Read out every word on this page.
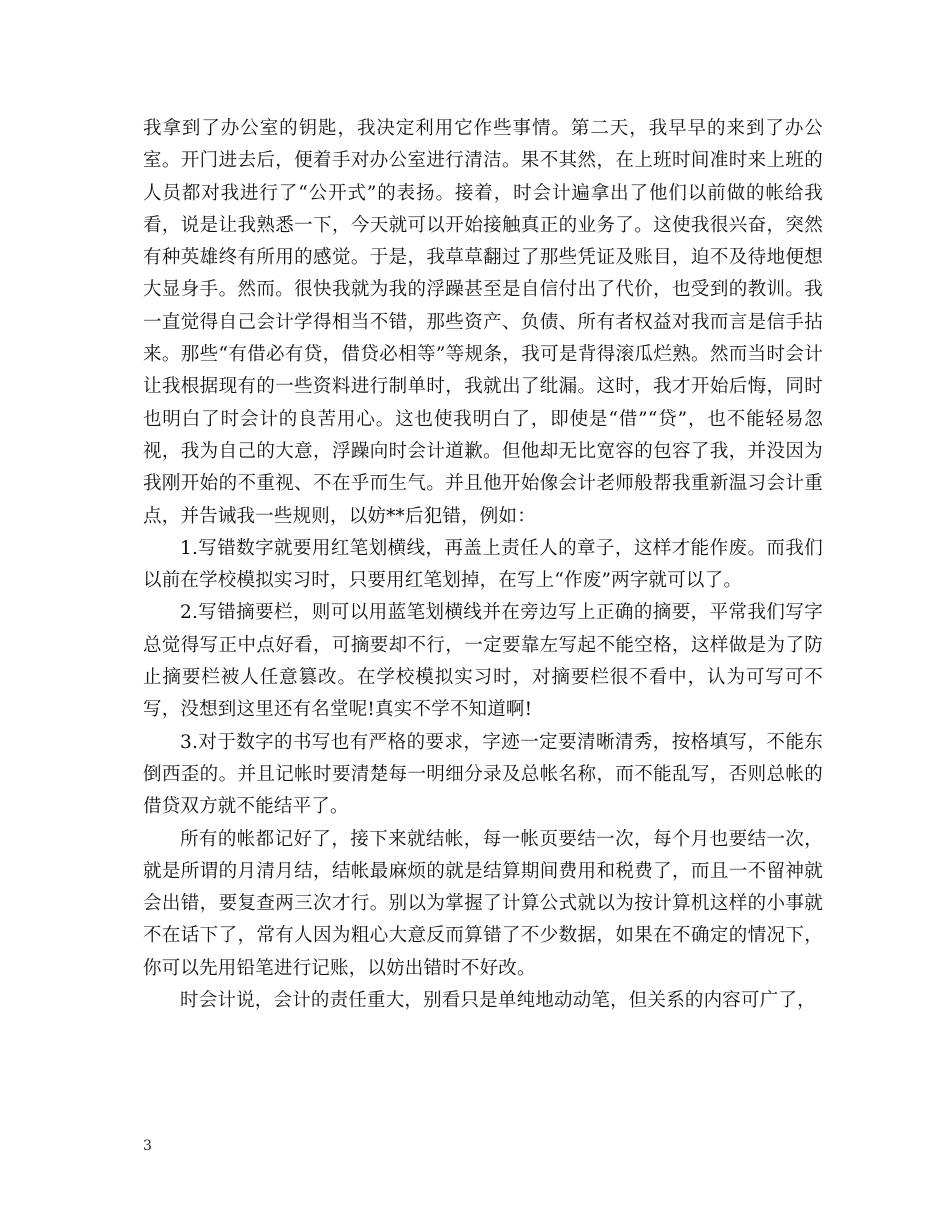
我拿到了办公室的钥匙，我决定利用它作些事情。第二天，我早早的来到了办公室。开门进去后，便着手对办公室进行清洁。果不其然，在上班时间准时来上班的人员都对我进行了“公开式”的表扬。接着，时会计遍拿出了他们以前做的帐给我看，说是让我熟悉一下，今天就可以开始接触真正的业务了。这使我很兴奋，突然有种英雄终有所用的感觉。于是，我草草翻过了那些凭证及账目，迫不及待地便想大显身手。然而。很快我就为我的浮躁甚至是自信付出了代价，也受到的教训。我一直觉得自己会计学得相当不错，那些资产、负债、所有者权益对我而言是信手拈来。那些“有借必有贷，借贷必相等”等规条，我可是背得滚瓜烂熟。然而当时会计让我根据现有的一些资料进行制单时，我就出了纰漏。这时，我才开始后悔，同时也明白了时会计的良苦用心。这也使我明白了，即使是“借”“贷”，也不能轻易忽视，我为自己的大意，浮躁向时会计道歉。但他却无比宽容的包容了我，并没因为我刚开始的不重视、不在乎而生气。并且他开始像会计老师般帮我重新温习会计重点，并告诫我一些规则，以妨**后犯错，例如：

1.写错数字就要用红笔划横线，再盖上责任人的章子，这样才能作废。而我们以前在学校模拟实习时，只要用红笔划掉，在写上“作废”两字就可以了。

2.写错摘要栏，则可以用蓝笔划横线并在旁边写上正确的摘要，平常我们写字总觉得写正中点好看，可摘要却不行，一定要靠左写起不能空格，这样做是为了防止摘要栏被人任意篡改。在学校模拟实习时，对摘要栏很不看中，认为可写可不写，没想到这里还有名堂呢!真实不学不知道啊!

3.对于数字的书写也有严格的要求，字迹一定要清晰清秀，按格填写，不能东倒西歪的。并且记帐时要清楚每一明细分录及总帐名称，而不能乱写，否则总帐的借贷双方就不能结平了。

所有的帐都记好了，接下来就结帐，每一帐页要结一次，每个月也要结一次，就是所谓的月清月结，结帐最麻烦的就是结算期间费用和税费了，而且一不留神就会出错，要复查两三次才行。别以为掌握了计算公式就以为按计算机这样的小事就不在话下了，常有人因为粗心大意反而算错了不少数据，如果在不确定的情况下，你可以先用铅笔进行记账，以妨出错时不好改。

时会计说，会计的责任重大，别看只是单纯地动动笔，但关系的内容可广了，

3
